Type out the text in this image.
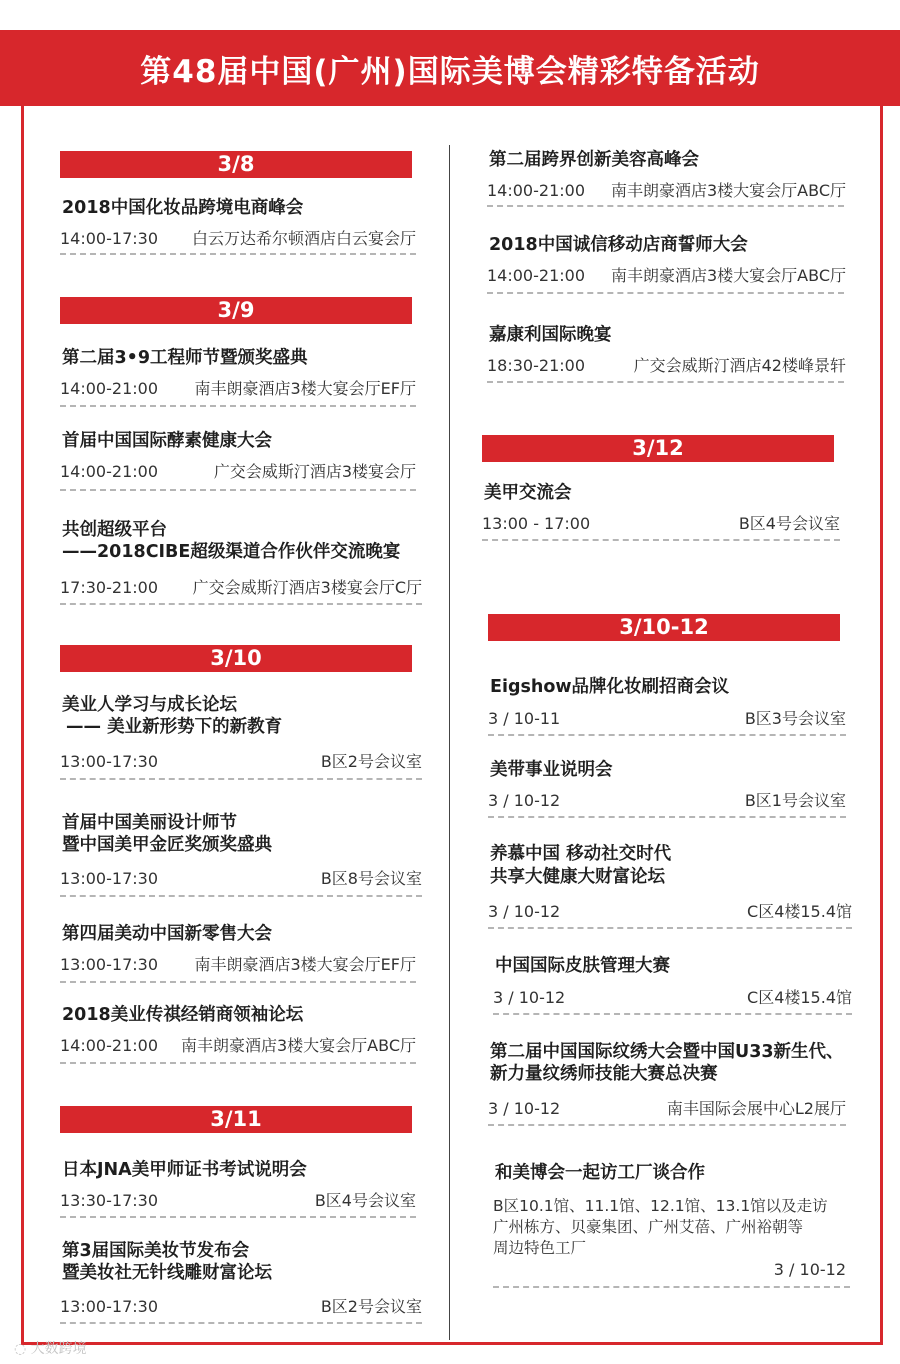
第48届中国(广州)国际美博会精彩特备活动
3/8
2018中国化妆品跨境电商峰会
14:00-17:30 白云万达希尔顿酒店白云宴会厅
3/9
第二届3•9工程师节暨颁奖盛典
14:00-21:00 南丰朗豪酒店3楼大宴会厅EF厅
首届中国国际酵素健康大会
14:00-21:00	广交会威斯汀酒店3楼宴会厅
共创超级平台
——2018CIBE超级渠道合作伙伴交流晚宴
17:30-21:00 广交会威斯汀酒店3楼宴会厅C厅
3/10
美业人学习与成长论坛
—— 美业新形势下的新教育
13:00-17:30	B区2号会议室
首届中国美丽设计师节
暨中国美甲金匠奖颁奖盛典
13:00-17:30	B区8号会议室
第四届美动中国新零售大会
13:00-17:30 南丰朗豪酒店3楼大宴会厅EF厅
2018美业传祺经销商领袖论坛
14:00-21:00 南丰朗豪酒店3楼大宴会厅ABC厅
3/11
日本JNA美甲师证书考试说明会
13:30-17:30	B区4号会议室
第3届国际美妆节发布会
暨美妆社无针线雕财富论坛
13:00-17:30	B区2号会议室
第二届跨界创新美容高峰会
14:00-21:00 南丰朗豪酒店3楼大宴会厅ABC厅
2018中国诚信移动店商誓师大会
14:00-21:00 南丰朗豪酒店3楼大宴会厅ABC厅
嘉康利国际晚宴
18:30-21:00	广交会威斯汀酒店42楼峰景轩
3/12
美甲交流会
13:00 - 17:00	B区4号会议室
3/10-12
Eigshow品牌化妆刷招商会议
3 / 10-11	B区3号会议室
美带事业说明会
3 / 10-12	B区1号会议室
养慕中国 移动社交时代
共享大健康大财富论坛
3 / 10-12	C区4楼15.4馆
中国国际皮肤管理大赛
3 / 10-12	C区4楼15.4馆
第二届中国国际纹绣大会暨中国U33新生代、
新力量纹绣师技能大赛总决赛
3 / 10-12	南丰国际会展中心L2展厅
和美博会一起访工厂谈合作
B区10.1馆、11.1馆、12.1馆、13.1馆以及走访
广州栋方、贝豪集团、广州艾蓓、广州裕朝等
周边特色工厂
3 / 10-12
◌ 大数跨境
